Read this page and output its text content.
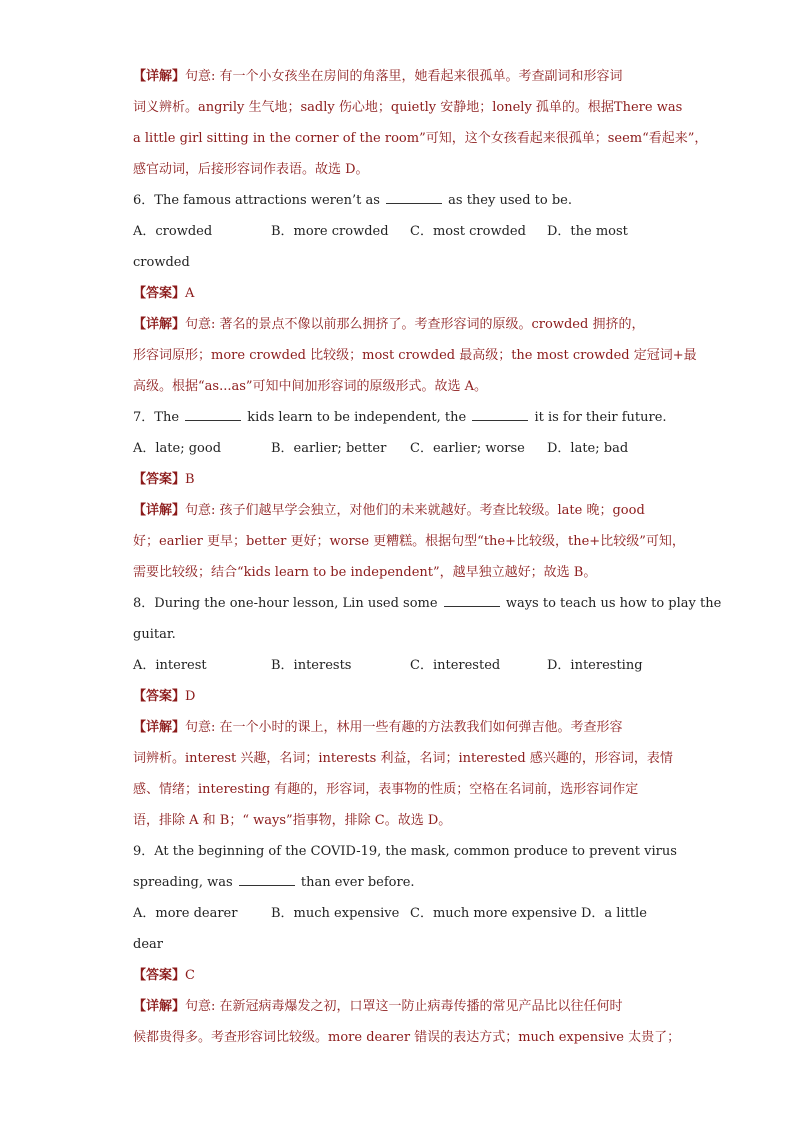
【详解】句意: 有一个小女孩坐在房间的角落里，她看起来很孤单。考查副词和形容词
词义辨析。angrily 生气地；sadly 伤心地；quietly 安静地；lonely 孤单的。根据There was
a little girl sitting in the corner of the room”可知，这个女孩看起来很孤单；seem“看起来”，
感官动词，后接形容词作表语。故选 D。
6．The famous attractions weren’t as	as they used to be.
A．crowded	B．more crowded C．most crowded D．the most
crowded
【答案】A
【详解】句意: 著名的景点不像以前那么拥挤了。考查形容词的原级。crowded 拥挤的，
形容词原形；more crowded 比较级；most crowded 最高级；the most crowded 定冠词+最
高级。根据“as...as”可知中间加形容词的原级形式。故选 A。
7．The	kids learn to be independent, the	it is for their future.
A．late; good	B．earlier; better C．earlier; worse D．late; bad
【答案】B
【详解】句意: 孩子们越早学会独立，对他们的未来就越好。考查比较级。late 晚；good
好；earlier 更早；better 更好；worse 更糟糕。根据句型“the+比较级，the+比较级”可知，
需要比较级；结合“kids learn to be independent”，越早独立越好；故选 B。
8．During the one-hour lesson, Lin used some	ways to teach us how to play the
guitar.
A．interest	B．interests	C．interested	D．interesting
【答案】D
【详解】句意: 在一个小时的课上，林用一些有趣的方法教我们如何弹吉他。考查形容
词辨析。interest 兴趣，名词；interests 利益，名词；interested 感兴趣的，形容词，表情
感、情绪；interesting 有趣的，形容词，表事物的性质；空格在名词前，选形容词作定
语，排除 A 和 B；“ ways”指事物，排除 C。故选 D。
9．At the beginning of the COVID-19, the mask, common produce to prevent virus
spreading, was	than ever before.
A．more dearer	B．much expensive C．much more expensive D．a little
dear
【答案】C
【详解】句意: 在新冠病毒爆发之初，口罩这一防止病毒传播的常见产品比以往任何时
候都贵得多。考查形容词比较级。more dearer 错误的表达方式；much expensive 太贵了；
